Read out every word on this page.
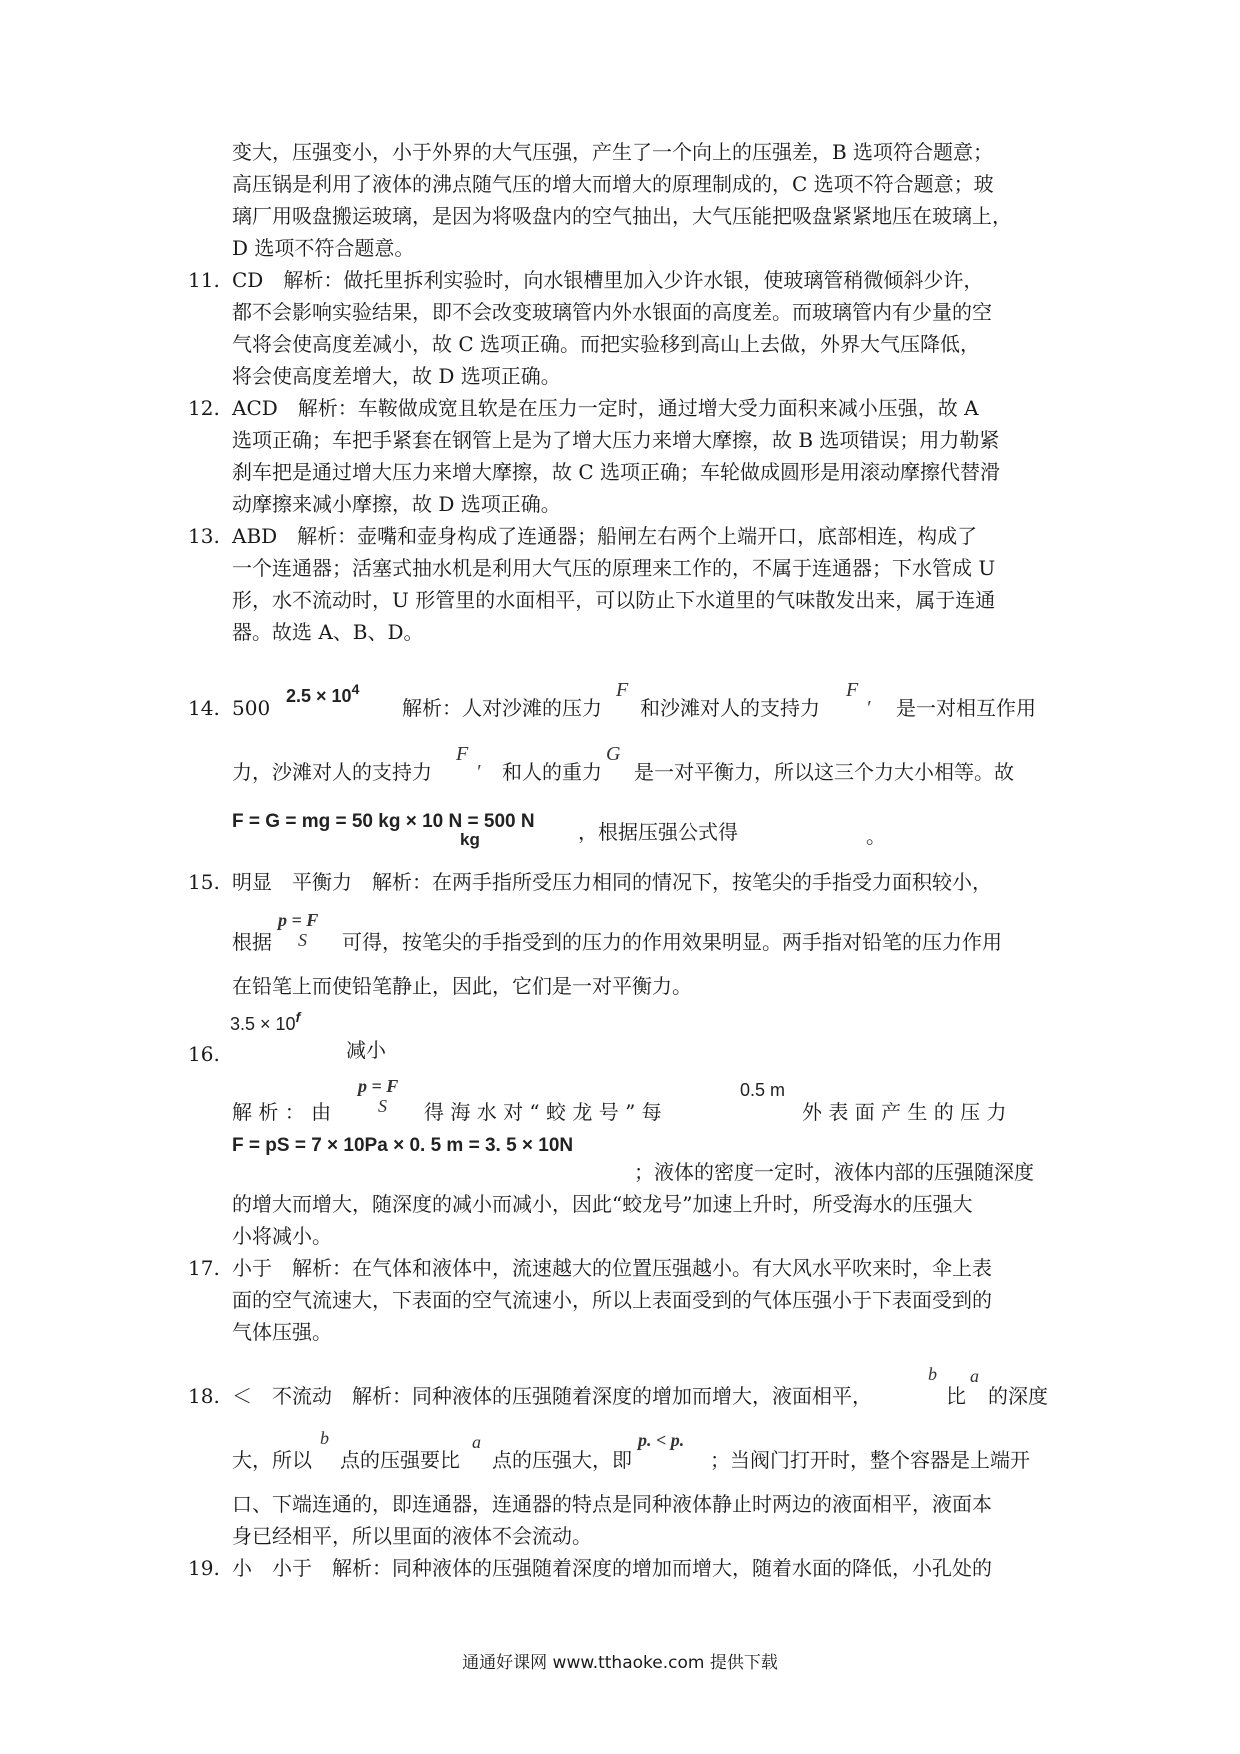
变大，压强变小，小于外界的大气压强，产生了一个向上的压强差，B 选项符合题意；
高压锅是利用了液体的沸点随气压的增大而增大的原理制成的，C 选项不符合题意；玻
璃厂用吸盘搬运玻璃，是因为将吸盘内的空气抽出，大气压能把吸盘紧紧地压在玻璃上，
D 选项不符合题意。
11. CD　解析：做托里拆利实验时，向水银槽里加入少许水银，使玻璃管稍微倾斜少许，
都不会影响实验结果，即不会改变玻璃管内外水银面的高度差。而玻璃管内有少量的空
气将会使高度差减小，故 C 选项正确。而把实验移到高山上去做，外界大气压降低，
将会使高度差增大，故 D 选项正确。
12. ACD　解析：车鞍做成宽且软是在压力一定时，通过增大受力面积来减小压强，故 A
选项正确；车把手紧套在钢管上是为了增大压力来增大摩擦，故 B 选项错误；用力勒紧
刹车把是通过增大压力来增大摩擦，故 C 选项正确；车轮做成圆形是用滚动摩擦代替滑
动摩擦来减小摩擦，故 D 选项正确。
13. ABD　解析：壶嘴和壶身构成了连通器；船闸左右两个上端开口，底部相连，构成了
一个连通器；活塞式抽水机是利用大气压的原理来工作的，不属于连通器；下水管成 U
形，水不流动时，U 形管里的水面相平，可以防止下水道里的气味散发出来，属于连通
器。故选 A、B、D。
14. 500 $2.5 \times 10^4$
解析：人对沙滩的压力
F
和沙滩对人的支持力
F
′ 是一对相互作用
力，沙滩对人的支持力
F
′ 和人的重力
G
是一对平衡力，所以这三个力大小相等。故
F = G = mg = 50 kg × 10 N = 500 N
kg	，根据压强公式得	。
15. 明显　平衡力　解析：在两手指所受压力相同的情况下，按笔尖的手指受力面积较小，
根据
p = F
S 可得，按笔尖的手指受到的压力的作用效果明显。两手指对铅笔的压力作用
在铅笔上而使铅笔静止，因此，它们是一对平衡力。
16.
$3.5 \times 10^f$
减小
解 析 ： 由
p = F
S 得 海 水 对 “ 蛟 龙 号 ” 每
0.5 m
外 表 面 产 生 的 压 力
F = pS = 7 × 10Pa × 0. 5 m = 3. 5 × 10N
；液体的密度一定时，液体内部的压强随深度
的增大而增大，随深度的减小而减小，因此“蛟龙号”加速上升时，所受海水的压强大
小将减小。
17. 小于　解析：在气体和液体中，流速越大的位置压强越小。有大风水平吹来时，伞上表
面的空气流速大，下表面的空气流速小，所以上表面受到的气体压强小于下表面受到的
气体压强。
18. ＜　不流动　解析：同种液体的压强随着深度的增加而增大，液面相平，
b
比
a
的深度
大，所以
b
点的压强要比
a
点的压强大，即
p. < p.
；当阀门打开时，整个容器是上端开
口、下端连通的，即连通器，连通器的特点是同种液体静止时两边的液面相平，液面本
身已经相平，所以里面的液体不会流动。
19. 小　小于　解析：同种液体的压强随着深度的增加而增大，随着水面的降低，小孔处的
通通好课网 www.tthaoke.com 提供下载
